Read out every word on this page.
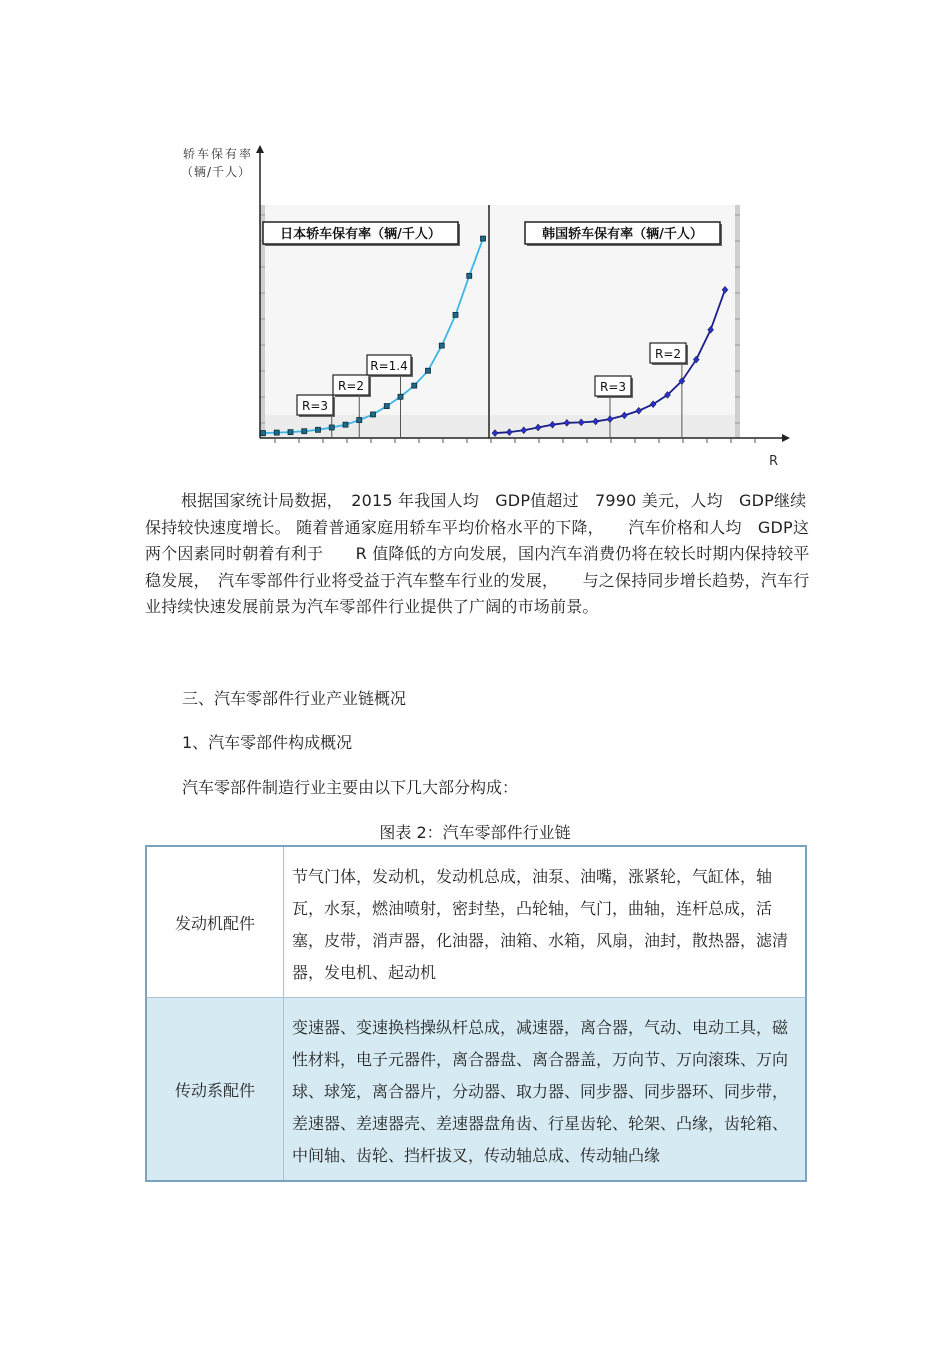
轿车保有率
（辆/千人）
日本轿车保有率（辆/千人）
R=3
R=2
R=1.4
韩国轿车保有率（辆/千人）
R=3
R=2
R

根据国家统计局数据，　2015 年我国人均　GDP值超过　7990 美元，人均　GDP继续保持较快速度增长。 随着普通家庭用轿车平均价格水平的下降，　　汽车价格和人均　GDP这两个因素同时朝着有利于　　R 值降低的方向发展，国内汽车消费仍将在较长时期内保持较平稳发展，　汽车零部件行业将受益于汽车整车行业的发展，　　与之保持同步增长趋势，汽车行业持续快速发展前景为汽车零部件行业提供了广阔的市场前景。

三、汽车零部件行业产业链概况

1、汽车零部件构成概况

汽车零部件制造行业主要由以下几大部分构成：

图表 2：汽车零部件行业链

发动机配件	节气门体，发动机，发动机总成，油泵、油嘴，涨紧轮，气缸体，轴瓦，水泵，燃油喷射，密封垫，凸轮轴，气门，曲轴，连杆总成，活塞，皮带，消声器，化油器，油箱、水箱，风扇，油封，散热器，滤清器，发电机、起动机
传动系配件	变速器、变速换档操纵杆总成，减速器，离合器，气动、电动工具，磁性材料，电子元器件，离合器盘、离合器盖，万向节、万向滚珠、万向球、球笼，离合器片，分动器、取力器、同步器、同步器环、同步带，差速器、差速器壳、差速器盘角齿、行星齿轮、轮架、凸缘，齿轮箱、中间轴、齿轮、挡杆拔叉，传动轴总成、传动轴凸缘
